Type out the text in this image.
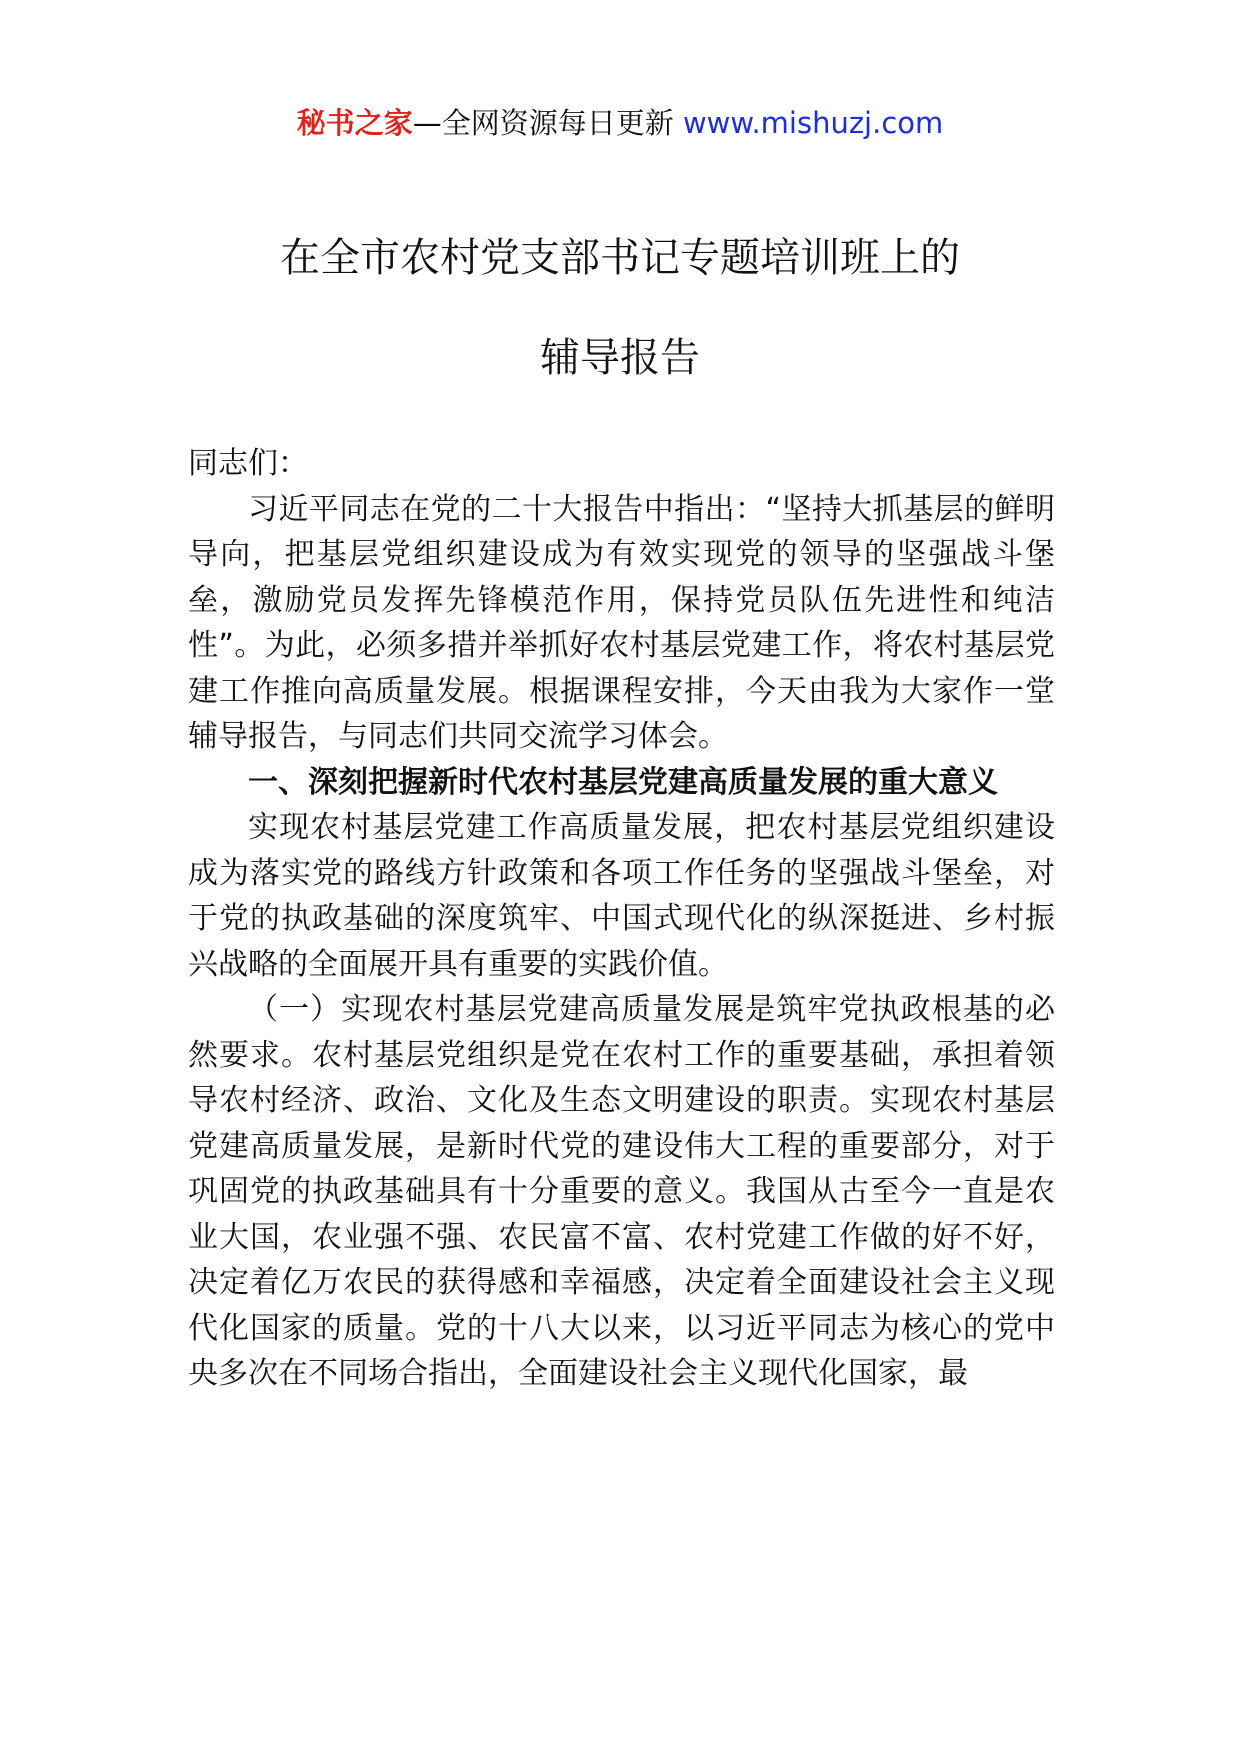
秘书之家—全网资源每日更新 www.mishuzj.com
在全市农村党支部书记专题培训班上的
辅导报告

同志们：

习近平同志在党的二十大报告中指出：“坚持大抓基层的鲜明导向，把基层党组织建设成为有效实现党的领导的坚强战斗堡垒，激励党员发挥先锋模范作用，保持党员队伍先进性和纯洁性”。为此，必须多措并举抓好农村基层党建工作，将农村基层党建工作推向高质量发展。根据课程安排，今天由我为大家作一堂辅导报告，与同志们共同交流学习体会。

一、深刻把握新时代农村基层党建高质量发展的重大意义

实现农村基层党建工作高质量发展，把农村基层党组织建设成为落实党的路线方针政策和各项工作任务的坚强战斗堡垒，对于党的执政基础的深度筑牢、中国式现代化的纵深挺进、乡村振兴战略的全面展开具有重要的实践价值。

（一）实现农村基层党建高质量发展是筑牢党执政根基的必然要求。农村基层党组织是党在农村工作的重要基础，承担着领导农村经济、政治、文化及生态文明建设的职责。实现农村基层党建高质量发展，是新时代党的建设伟大工程的重要部分，对于巩固党的执政基础具有十分重要的意义。我国从古至今一直是农业大国，农业强不强、农民富不富、农村党建工作做的好不好，决定着亿万农民的获得感和幸福感，决定着全面建设社会主义现代化国家的质量。党的十八大以来，以习近平同志为核心的党中央多次在不同场合指出，全面建设社会主义现代化国家，最
